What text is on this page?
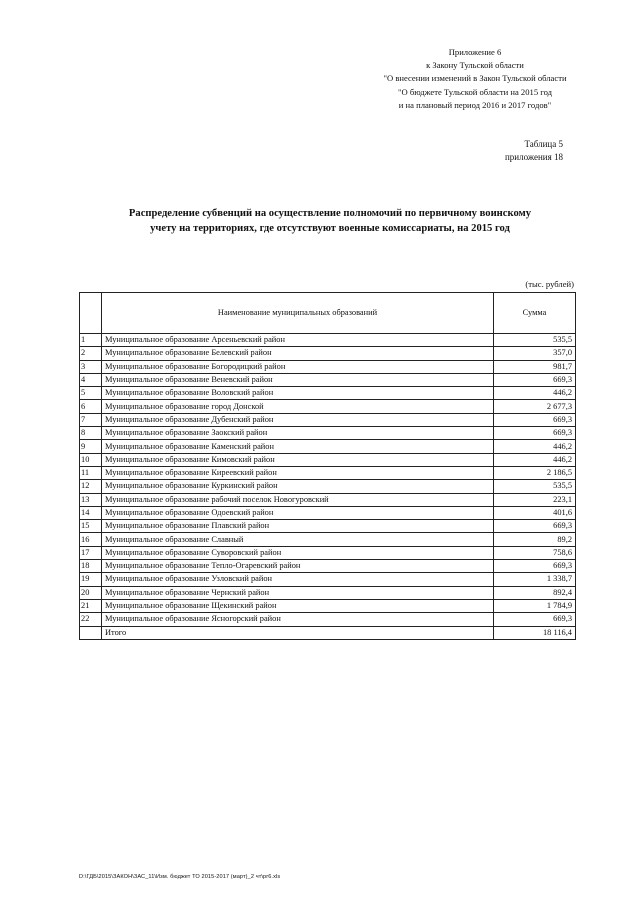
Приложение 6
к Закону Тульской области
"О внесении изменений в Закон Тульской области
"О бюджете Тульской области на 2015 год
и на плановый период 2016 и 2017 годов"
Таблица 5
приложения 18
Распределение субвенций на осуществление полномочий по первичному воинскому
учету на территориях, где отсутствуют военные комиссариаты, на 2015 год
(тыс. рублей)
	Наименование муниципальных образований	Сумма
1	Муниципальное образование Арсеньевский район	535,5
2	Муниципальное образование Белевский район	357,0
3	Муниципальное образование Богородицкий район	981,7
4	Муниципальное образование Веневский район	669,3
5	Муниципальное образование Воловский район	446,2
6	Муниципальное образование город Донской	2 677,3
7	Муниципальное образование Дубенский район	669,3
8	Муниципальное образование Заокский район	669,3
9	Муниципальное образование Каменский район	446,2
10	Муниципальное образование Кимовский район	446,2
11	Муниципальное образование Киреевский район	2 186,5
12	Муниципальное образование Куркинский район	535,5
13	Муниципальное образование рабочий поселок Новогуровский	223,1
14	Муниципальное образование Одоевский район	401,6
15	Муниципальное образование Плавский район	669,3
16	Муниципальное образование Славный	89,2
17	Муниципальное образование Суворовский район	758,6
18	Муниципальное образование Тепло-Огаревский район	669,3
19	Муниципальное образование Узловский район	1 338,7
20	Муниципальное образование Чернский район	892,4
21	Муниципальное образование Щекинский район	1 784,9
22	Муниципальное образование Ясногорский район	669,3
	Итого	18 116,4
D:\ГДБ\2015\ЗАКОН\ЗАС_11\Изм. бюджет ТО 2015-2017 (март)_2 чт\pr6.xls
